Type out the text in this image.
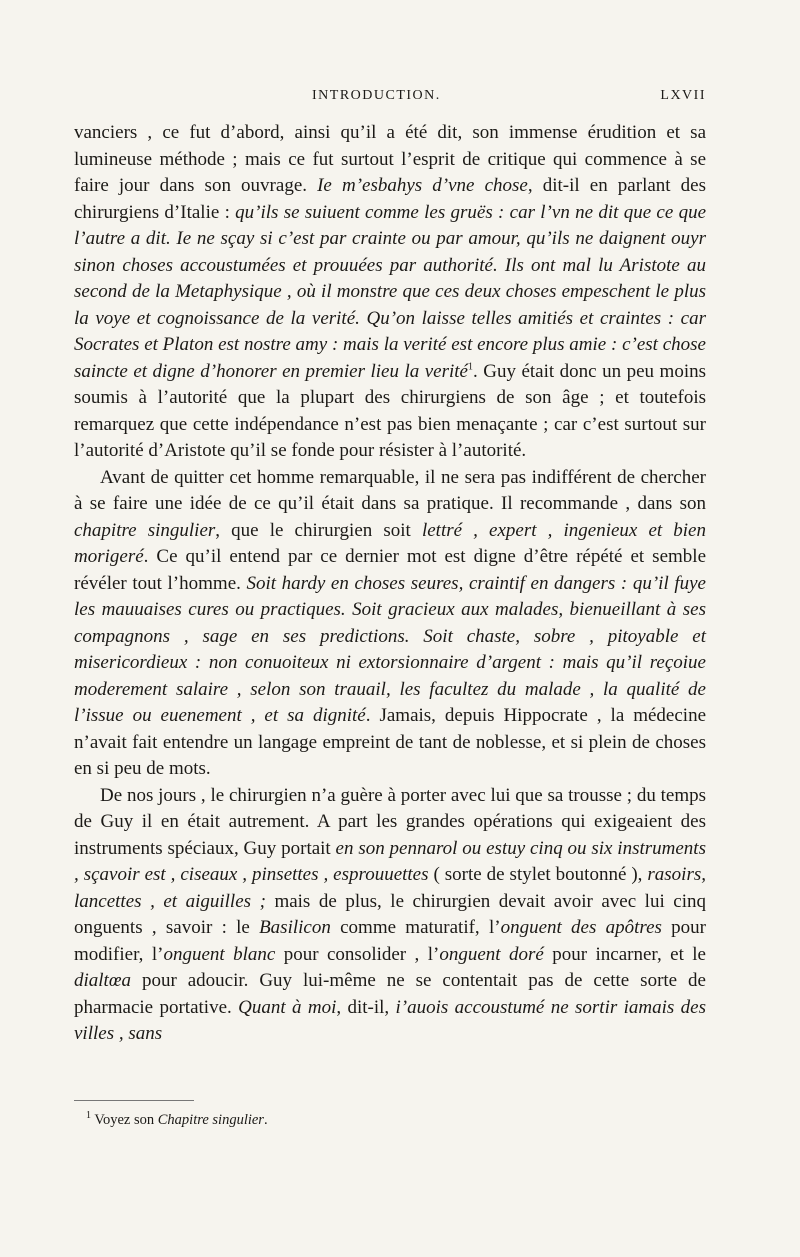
INTRODUCTION.	LXVII

vanciers , ce fut d’abord, ainsi qu’il a été dit, son immense érudition et sa lumineuse méthode ; mais ce fut surtout l’esprit de critique qui commence à se faire jour dans son ouvrage. Ie m’esbahys d’vne chose, dit-il en parlant des chirurgiens d’Italie : qu’ils se suiuent comme les gruës : car l’vn ne dit que ce que l’autre a dit. Ie ne sçay si c’est par crainte ou par amour, qu’ils ne daignent ouyr sinon choses accoustumées et prouuées par authorité. Ils ont mal lu Aristote au second de la Metaphysique , où il monstre que ces deux choses empeschent le plus la voye et cognoissance de la verité. Qu’on laisse telles amitiés et craintes : car Socrates et Platon est nostre amy : mais la verité est encore plus amie : c’est chose saincte et digne d’honorer en premier lieu la verité$^1$. Guy était donc un peu moins soumis à l’autorité que la plupart des chirurgiens de son âge ; et toutefois remarquez que cette indépendance n’est pas bien menaçante ; car c’est surtout sur l’autorité d’Aristote qu’il se fonde pour résister à l’autorité.

Avant de quitter cet homme remarquable, il ne sera pas indifférent de chercher à se faire une idée de ce qu’il était dans sa pratique. Il recommande , dans son chapitre singulier, que le chirurgien soit lettré , expert , ingenieux et bien morigeré. Ce qu’il entend par ce dernier mot est digne d’être répété et semble révéler tout l’homme. Soit hardy en choses seures, craintif en dangers : qu’il fuye les mauuaises cures ou practiques. Soit gracieux aux malades, bienueillant à ses compagnons , sage en ses predictions. Soit chaste, sobre , pitoyable et misericordieux : non conuoiteux ni extorsionnaire d’argent : mais qu’il reçoiue moderement salaire , selon son trauail, les facultez du malade , la qualité de l’issue ou euenement , et sa dignité. Jamais, depuis Hippocrate , la médecine n’avait fait entendre un langage empreint de tant de noblesse, et si plein de choses en si peu de mots.

De nos jours , le chirurgien n’a guère à porter avec lui que sa trousse ; du temps de Guy il en était autrement. A part les grandes opérations qui exigeaient des instruments spéciaux, Guy portait en son pennarol ou estuy cinq ou six instruments , sçavoir est , ciseaux , pinsettes , esprouuettes ( sorte de stylet boutonné ), rasoirs, lancettes , et aiguilles ; mais de plus, le chirurgien devait avoir avec lui cinq onguents , savoir : le Basilicon comme maturatif, l’onguent des apôtres pour modifier, l’onguent blanc pour consolider , l’onguent doré pour incarner, et le dialtœa pour adoucir. Guy lui-même ne se contentait pas de cette sorte de pharmacie portative. Quant à moi, dit-il, i’auois accoustumé ne sortir iamais des villes , sans

$^1$ Voyez son Chapitre singulier.
